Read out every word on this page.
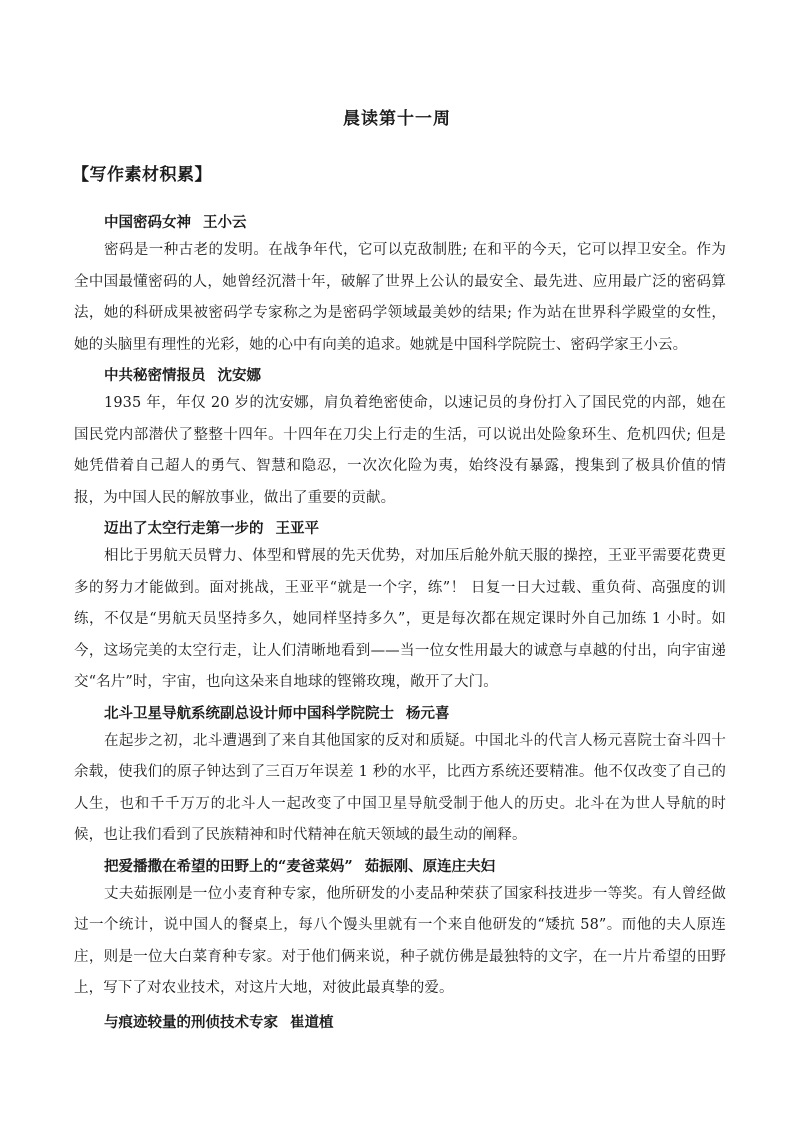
晨读第十一周
【写作素材积累】

中国密码女神 王小云

密码是一种古老的发明。在战争年代，它可以克敌制胜; 在和平的今天，它可以捍卫安全。作为全中国最懂密码的人，她曾经沉潜十年，破解了世界上公认的最安全、最先进、应用最广泛的密码算法，她的科研成果被密码学专家称之为是密码学领域最美妙的结果; 作为站在世界科学殿堂的女性，她的头脑里有理性的光彩，她的心中有向美的追求。她就是中国科学院院士、密码学家王小云。

中共秘密情报员 沈安娜

1935 年，年仅 20 岁的沈安娜，肩负着绝密使命，以速记员的身份打入了国民党的内部，她在国民党内部潜伏了整整十四年。十四年在刀尖上行走的生活，可以说出处险象环生、危机四伏; 但是她凭借着自己超人的勇气、智慧和隐忍，一次次化险为夷，始终没有暴露，搜集到了极具价值的情报，为中国人民的解放事业，做出了重要的贡献。

迈出了太空行走第一步的 王亚平

相比于男航天员臂力、体型和臂展的先天优势，对加压后舱外航天服的操控，王亚平需要花费更多的努力才能做到。面对挑战，王亚平“就是一个字，练”！ 日复一日大过载、重负荷、高强度的训练，不仅是“男航天员坚持多久，她同样坚持多久”，更是每次都在规定课时外自己加练 1 小时。如今，这场完美的太空行走，让人们清晰地看到——当一位女性用最大的诚意与卓越的付出，向宇宙递交“名片”时，宇宙，也向这朵来自地球的铿锵玫瑰，敞开了大门。

北斗卫星导航系统副总设计师中国科学院院士 杨元喜

在起步之初，北斗遭遇到了来自其他国家的反对和质疑。中国北斗的代言人杨元喜院士奋斗四十余载，使我们的原子钟达到了三百万年误差 1 秒的水平，比西方系统还要精准。他不仅改变了自己的人生，也和千千万万的北斗人一起改变了中国卫星导航受制于他人的历史。北斗在为世人导航的时候，也让我们看到了民族精神和时代精神在航天领域的最生动的阐释。

把爱播撒在希望的田野上的“麦爸菜妈” 茹振刚、原连庄夫妇

丈夫茹振刚是一位小麦育种专家，他所研发的小麦品种荣获了国家科技进步一等奖。有人曾经做过一个统计，说中国人的餐桌上，每八个馒头里就有一个来自他研发的“矮抗 58”。而他的夫人原连庄，则是一位大白菜育种专家。对于他们俩来说，种子就仿佛是最独特的文字，在一片片希望的田野上，写下了对农业技术，对这片大地，对彼此最真挚的爱。

与痕迹较量的刑侦技术专家 崔道植
